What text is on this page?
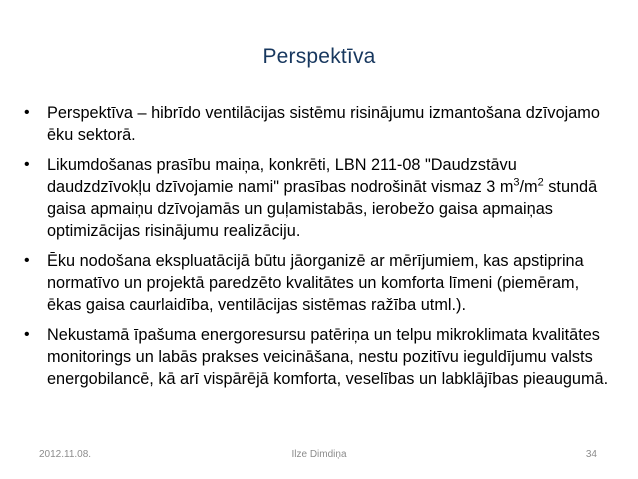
Perspektīva
•	Perspektīva – hibrīdo ventilācijas sistēmu risinājumu izmantošana dzīvojamo ēku sektorā.
•	Likumdošanas prasību maiņa, konkrēti, LBN 211-08 "Daudzstāvu daudzdzīvokļu dzīvojamie nami" prasības nodrošināt vismaz 3 $m^3/m^2$ stundā gaisa apmaiņu dzīvojamās un guļamistabās, ierobežo gaisa apmaiņas optimizācijas risinājumu realizāciju.
•	Ēku nodošana ekspluatācijā būtu jāorganizē ar mērījumiem, kas apstiprina normatīvo un projektā paredzēto kvalitātes un komforta līmeni (piemēram, ēkas gaisa caurlaidība, ventilācijas sistēmas ražība utml.).
•	Nekustamā īpašuma energoresursu patēriņa un telpu mikroklimata kvalitātes monitorings un labās prakses veicināšana, nestu pozitīvu ieguldījumu valsts energobilancē, kā arī vispārējā komforta, veselības un labklājības pieaugumā.
2012.11.08.	Ilze Dimdiņa	34
